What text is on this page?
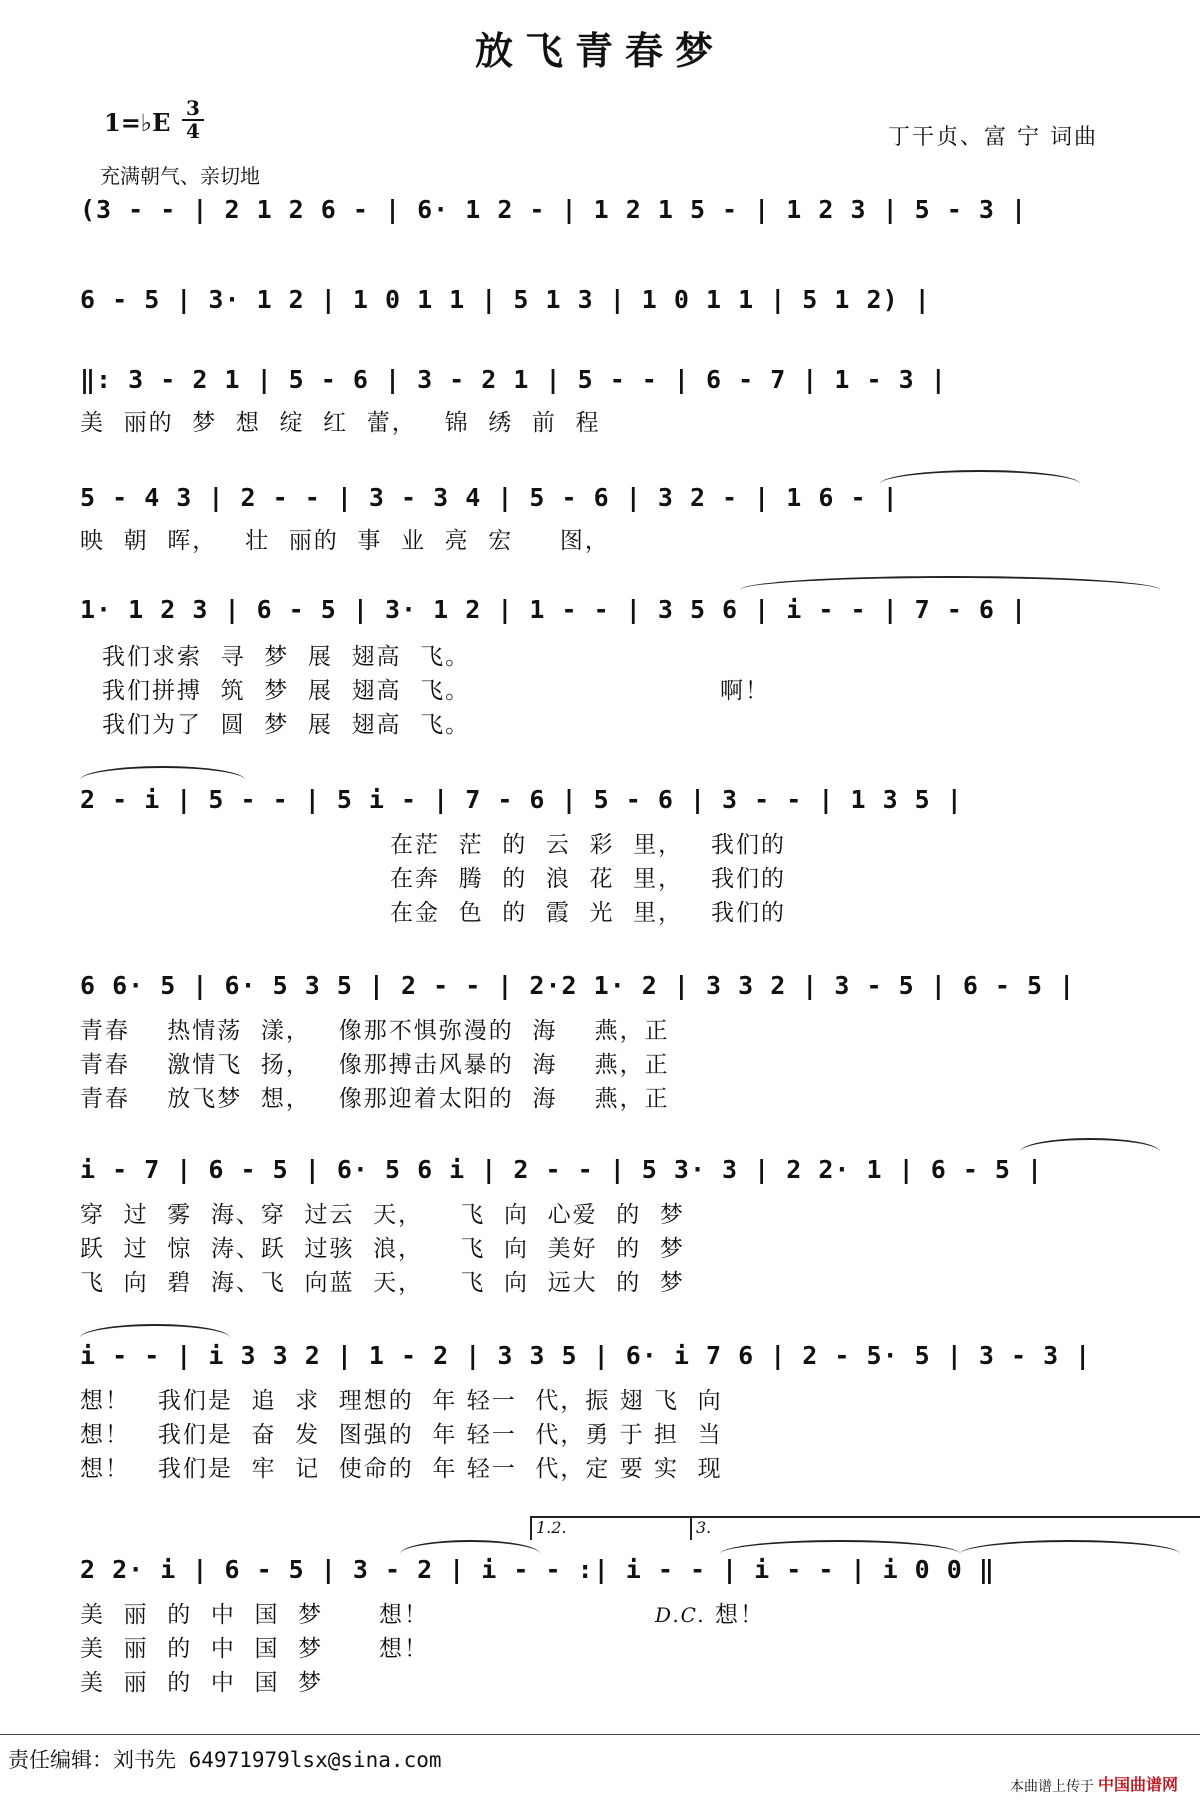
放飞青春梦
1=♭E 3
4
充满朝气、亲切地
丁干贞、富 宁 词曲
(3 - - | 2 1 2 6 - | 6· 1 2 - | 1 2 1 5 - | 1 2 3 | 5 - 3 |
6 - 5 | 3· 1 2 | 1 0 1 1 | 5 1 3 | 1 0 1 1 | 5 1 2) |
‖: 3 - 2 1 | 5 - 6 | 3 - 2 1 | 5 - - | 6 - 7 | 1 - 3 |
美  丽的  梦  想  绽  红  蕾，   锦  绣  前  程
5 - 4 3 | 2 - - | 3 - 3 4 | 5 - 6 | 3 2 - | 1 6 - |
映  朝  晖，   壮  丽的  事  业  亮  宏     图，
1· 1 2 3 | 6 - 5 | 3· 1 2 | 1 - - | 3 5 6 | i - - | 7 - 6 |
我们求索  寻  梦  展  翅高  飞。
我们拼搏  筑  梦  展  翅高  飞。
我们为了  圆  梦  展  翅高  飞。
啊！
2 - i | 5 - - | 5 i - | 7 - 6 | 5 - 6 | 3 - - | 1 3 5 |
在茫  茫  的  云  彩  里，   我们的
在奔  腾  的  浪  花  里，   我们的
在金  色  的  霞  光  里，   我们的
6 6· 5 | 6· 5 3 5 | 2 - - | 2·2 1· 2 | 3 3 2 | 3 - 5 | 6 - 5 |
青春    热情荡  漾，   像那不惧弥漫的  海    燕，正
青春    激情飞  扬，   像那搏击风暴的  海    燕，正
青春    放飞梦  想，   像那迎着太阳的  海    燕，正
i - 7 | 6 - 5 | 6· 5 6 i | 2 - - | 5 3· 3 | 2 2· 1 | 6 - 5 |
穿  过  雾  海、穿  过云  天，    飞  向  心爱  的  梦
跃  过  惊  涛、跃  过骇  浪，    飞  向  美好  的  梦
飞  向  碧  海、飞  向蓝  天，    飞  向  远大  的  梦
i - - | i 3 3 2 | 1 - 2 | 3 3 5 | 6· i 7 6 | 2 - 5· 5 | 3 - 3 |
想！   我们是  追  求  理想的  年 轻一  代，振 翅 飞  向
想！   我们是  奋  发  图强的  年 轻一  代，勇 于 担  当
想！   我们是  牢  记  使命的  年 轻一  代，定 要 实  现
1.2.	3.
2 2· i | 6 - 5 | 3 - 2 | i - - :| i - - | i - - | i 0 0 ‖
美  丽  的  中  国  梦      想！
美  丽  的  中  国  梦      想！
美  丽  的  中  国  梦
D.C. 想！
责任编辑：刘书先 64971979lsx@sina.com
本曲谱上传于 中国曲谱网
